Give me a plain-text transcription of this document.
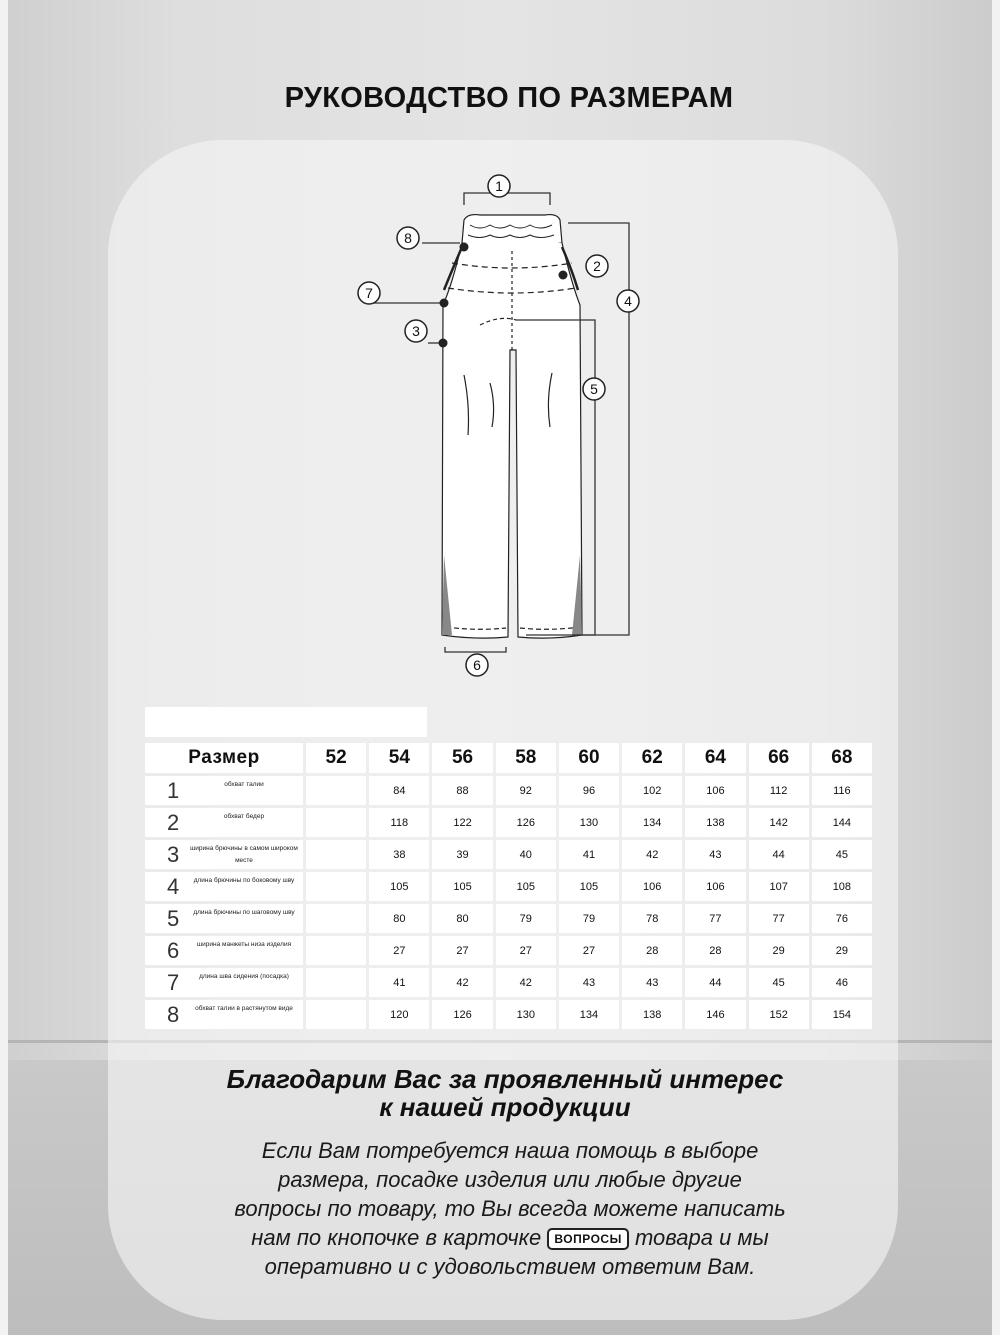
РУКОВОДСТВО ПО РАЗМЕРАМ
1
2
3
4
5
6
7
8
Размер	52	54	56	58	60	62	64	66	68

1 обхват талии		84	88	92	96	102	106	112	116

2 обхват бедер		118	122	126	130	134	138	142	144

3 ширина брючины в самом широком месте		38	39	40	41	42	43	44	45

4 длина брючины по боковому шву		105	105	105	105	106	106	107	108

5 длина брючины по шаговому шву		80	80	79	79	78	77	77	76

6 ширина манжеты низа изделия		27	27	27	27	28	28	29	29

7 длина шва сидения (посадка)		41	42	42	43	43	44	45	46

8 обхват талии в растянутом виде		120	126	130	134	138	146	152	154
Благодарим Вас за проявленный интерес
к нашей продукции
Если Вам потребуется наша помощь в выборе
размера, посадке изделия или любые другие
вопросы по товару, то Вы всегда можете написать
нам по кнопочке в карточке ВОПРОСЫ товара и мы
оперативно и с удовольствием ответим Вам.
